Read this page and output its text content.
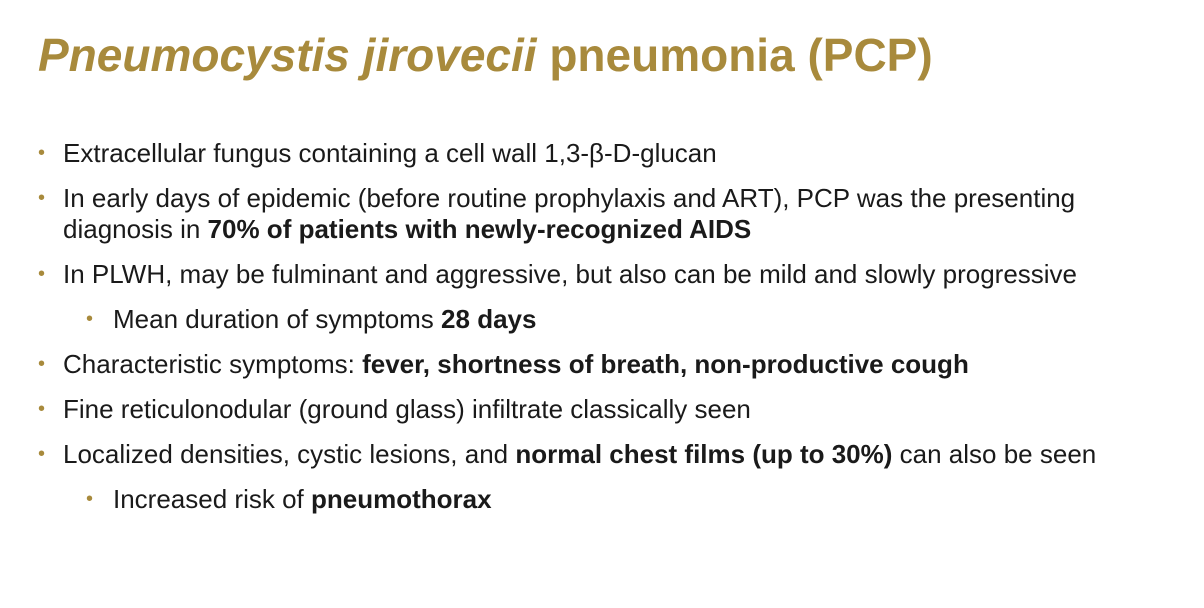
Pneumocystis jirovecii pneumonia (PCP)
• Extracellular fungus containing a cell wall 1,3-β-D-glucan
• In early days of epidemic (before routine prophylaxis and ART), PCP was the presenting diagnosis in 70% of patients with newly-recognized AIDS
• In PLWH, may be fulminant and aggressive, but also can be mild and slowly progressive
• Mean duration of symptoms 28 days
• Characteristic symptoms: fever, shortness of breath, non-productive cough
• Fine reticulonodular (ground glass) infiltrate classically seen
• Localized densities, cystic lesions, and normal chest films (up to 30%) can also be seen
• Increased risk of pneumothorax
